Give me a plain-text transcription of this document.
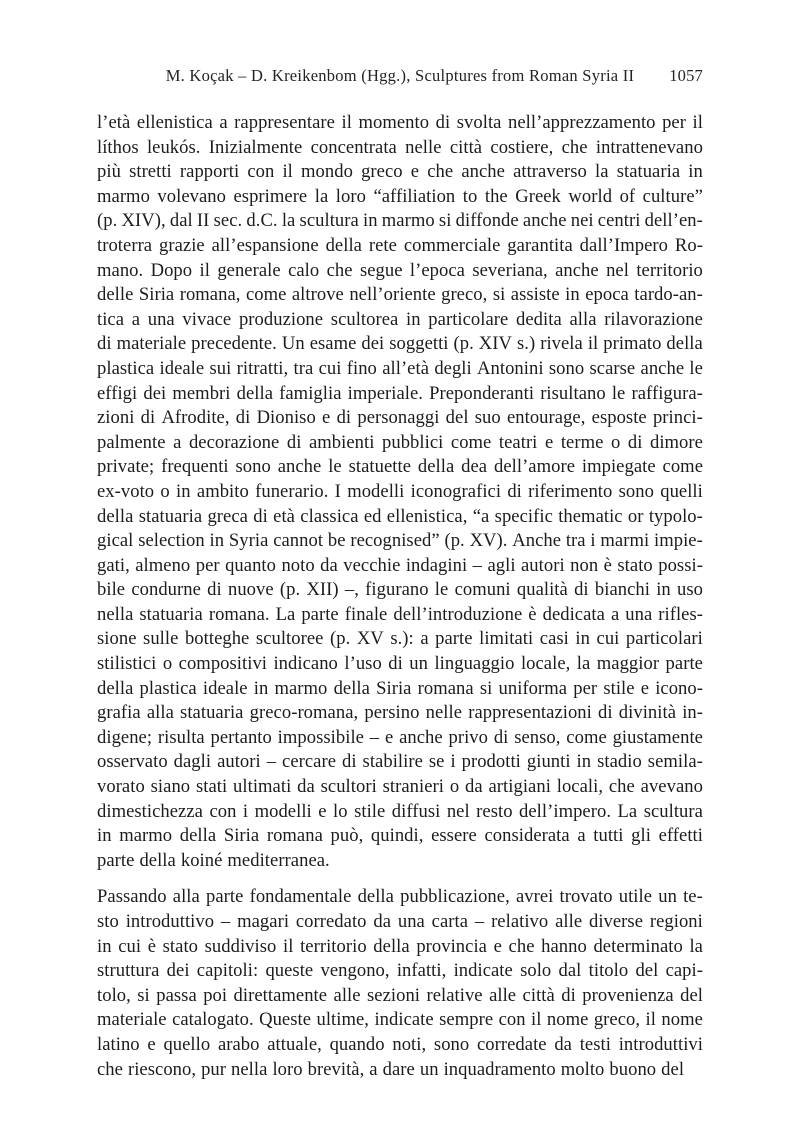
M. Koçak – D. Kreikenbom (Hgg.), Sculptures from Roman Syria II 1057
l’età ellenistica a rappresentare il momento di svolta nell’apprezzamento per il
líthos leukós. Inizialmente concentrata nelle città costiere, che intrattenevano
più stretti rapporti con il mondo greco e che anche attraverso la statuaria in
marmo volevano esprimere la loro “affiliation to the Greek world of culture”
(p. XIV), dal II sec. d.C. la scultura in marmo si diffonde anche nei centri dell’en-
troterra grazie all’espansione della rete commerciale garantita dall’Impero Ro-
mano. Dopo il generale calo che segue l’epoca severiana, anche nel territorio
delle Siria romana, come altrove nell’oriente greco, si assiste in epoca tardo-an-
tica a una vivace produzione scultorea in particolare dedita alla rilavorazione
di materiale precedente. Un esame dei soggetti (p. XIV s.) rivela il primato della
plastica ideale sui ritratti, tra cui fino all’età degli Antonini sono scarse anche le
effigi dei membri della famiglia imperiale. Preponderanti risultano le raffigura-
zioni di Afrodite, di Dioniso e di personaggi del suo entourage, esposte princi-
palmente a decorazione di ambienti pubblici come teatri e terme o di dimore
private; frequenti sono anche le statuette della dea dell’amore impiegate come
ex-voto o in ambito funerario. I modelli iconografici di riferimento sono quelli
della statuaria greca di età classica ed ellenistica, “a specific thematic or typolo-
gical selection in Syria cannot be recognised” (p. XV). Anche tra i marmi impie-
gati, almeno per quanto noto da vecchie indagini – agli autori non è stato possi-
bile condurne di nuove (p. XII) –, figurano le comuni qualità di bianchi in uso
nella statuaria romana. La parte finale dell’introduzione è dedicata a una rifles-
sione sulle botteghe scultoree (p. XV s.): a parte limitati casi in cui particolari
stilistici o compositivi indicano l’uso di un linguaggio locale, la maggior parte
della plastica ideale in marmo della Siria romana si uniforma per stile e icono-
grafia alla statuaria greco-romana, persino nelle rappresentazioni di divinità in-
digene; risulta pertanto impossibile – e anche privo di senso, come giustamente
osservato dagli autori – cercare di stabilire se i prodotti giunti in stadio semila-
vorato siano stati ultimati da scultori stranieri o da artigiani locali, che avevano
dimestichezza con i modelli e lo stile diffusi nel resto dell’impero. La scultura
in marmo della Siria romana può, quindi, essere considerata a tutti gli effetti
parte della koiné mediterranea.
Passando alla parte fondamentale della pubblicazione, avrei trovato utile un te-
sto introduttivo – magari corredato da una carta – relativo alle diverse regioni
in cui è stato suddiviso il territorio della provincia e che hanno determinato la
struttura dei capitoli: queste vengono, infatti, indicate solo dal titolo del capi-
tolo, si passa poi direttamente alle sezioni relative alle città di provenienza del
materiale catalogato. Queste ultime, indicate sempre con il nome greco, il nome
latino e quello arabo attuale, quando noti, sono corredate da testi introduttivi
che riescono, pur nella loro brevità, a dare un inquadramento molto buono del
